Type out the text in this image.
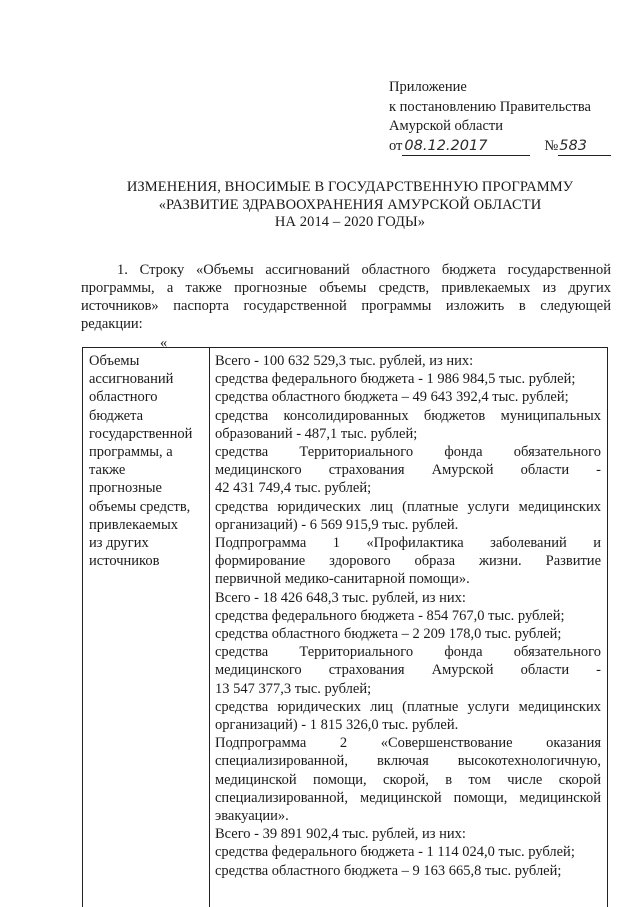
Приложение
к постановлению Правительства
Амурской области
от 08.12.2017	№583
ИЗМЕНЕНИЯ, ВНОСИМЫЕ В ГОСУДАРСТВЕННУЮ ПРОГРАММУ
«РАЗВИТИЕ ЗДРАВООХРАНЕНИЯ АМУРСКОЙ ОБЛАСТИ
НА 2014 – 2020 ГОДЫ»
1. Строку «Объемы ассигнований областного бюджета государственной
программы, а также прогнозные объемы средств, привлекаемых из других
источников» паспорта государственной программы изложить в следующей
редакции:
«
Объемы
ассигнований
областного
бюджета
государственной
программы, а
также
прогнозные
объемы средств,
привлекаемых
из других
источников
Всего - 100 632 529,3 тыс. рублей, из них:
средства федерального бюджета - 1 986 984,5 тыс. рублей;
средства областного бюджета – 49 643 392,4 тыс. рублей;
средства консолидированных бюджетов муниципальных
образований - 487,1 тыс. рублей;
средства Территориального фонда обязательного
медицинского страхования Амурской области -
42 431 749,4 тыс. рублей;
средства юридических лиц (платные услуги медицинских
организаций) - 6 569 915,9 тыс. рублей.
Подпрограмма 1 «Профилактика заболеваний и
формирование здорового образа жизни. Развитие
первичной медико-санитарной помощи».
Всего - 18 426 648,3 тыс. рублей, из них:
средства федерального бюджета - 854 767,0 тыс. рублей;
средства областного бюджета – 2 209 178,0 тыс. рублей;
средства Территориального фонда обязательного
медицинского страхования Амурской области -
13 547 377,3 тыс. рублей;
средства юридических лиц (платные услуги медицинских
организаций) - 1 815 326,0 тыс. рублей.
Подпрограмма 2 «Совершенствование оказания
специализированной, включая высокотехнологичную,
медицинской помощи, скорой, в том числе скорой
специализированной, медицинской помощи, медицинской
эвакуации».
Всего - 39 891 902,4 тыс. рублей, из них:
средства федерального бюджета - 1 114 024,0 тыс. рублей;
средства областного бюджета – 9 163 665,8 тыс. рублей;
